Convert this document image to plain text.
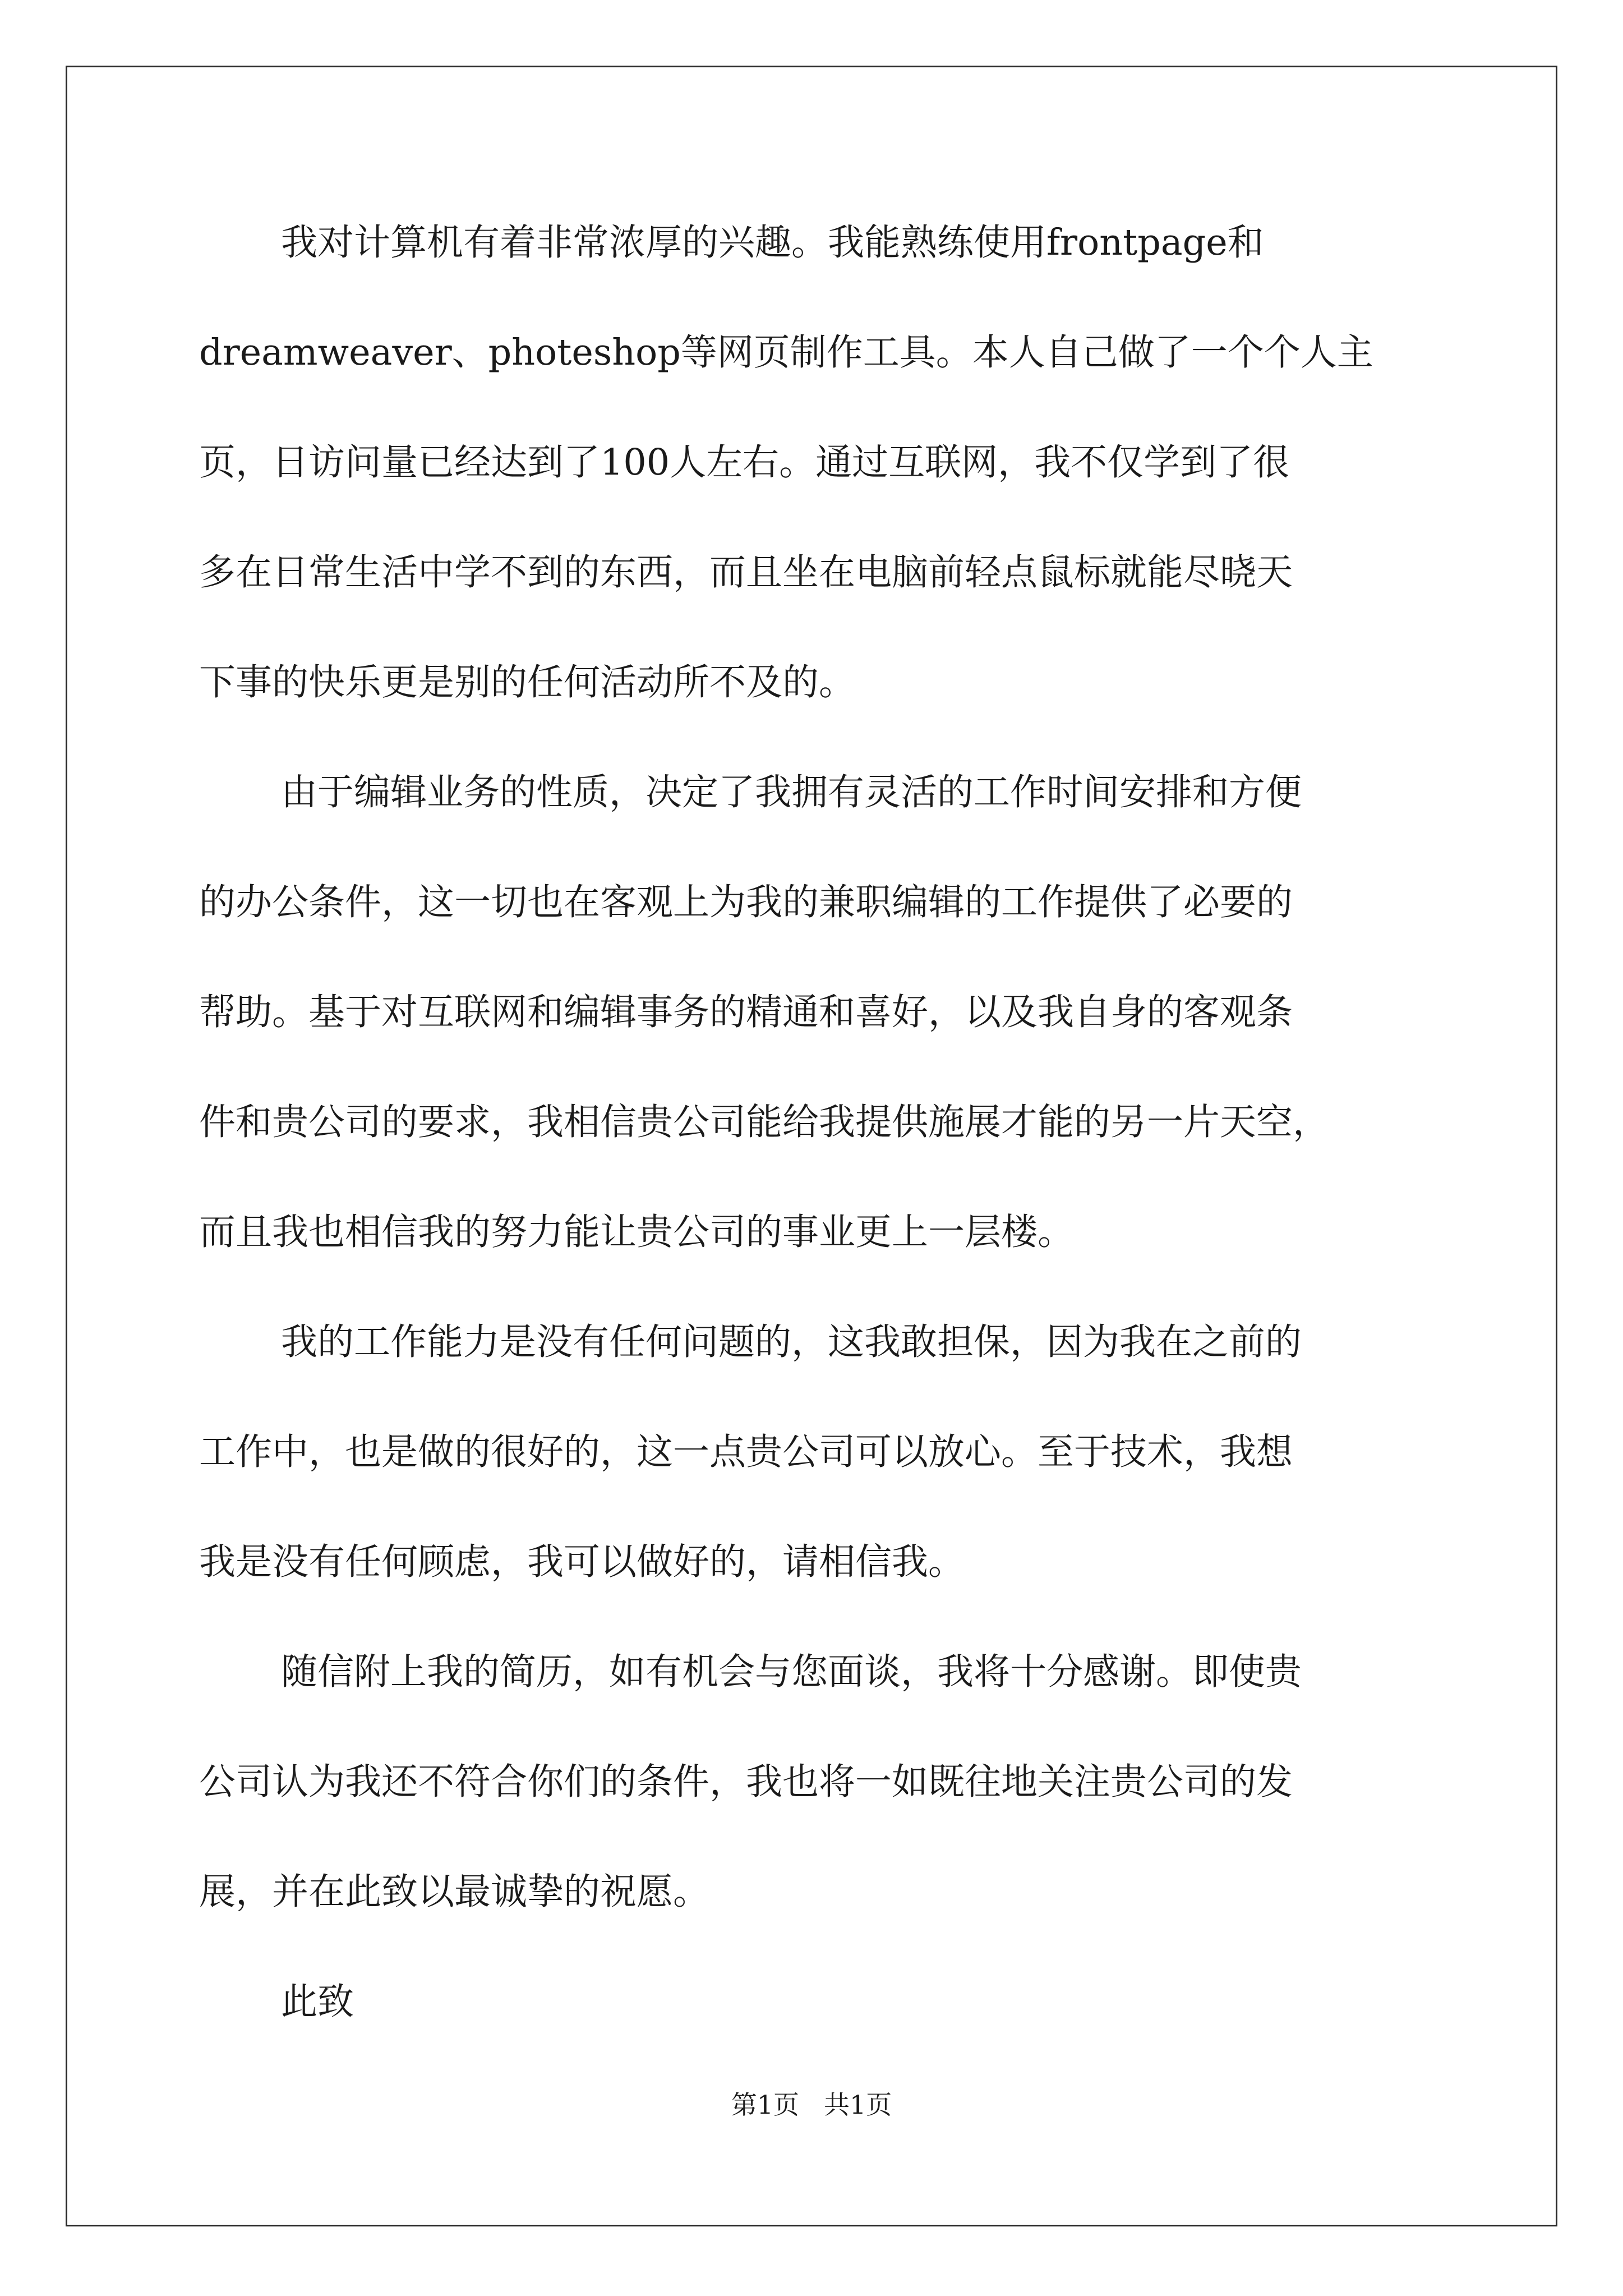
我对计算机有着非常浓厚的兴趣。我能熟练使用frontpage和
dreamweaver、photeshop等网页制作工具。本人自己做了一个个人主
页，日访问量已经达到了100人左右。通过互联网，我不仅学到了很
多在日常生活中学不到的东西，而且坐在电脑前轻点鼠标就能尽晓天
下事的快乐更是别的任何活动所不及的。
由于编辑业务的性质，决定了我拥有灵活的工作时间安排和方便
的办公条件，这一切也在客观上为我的兼职编辑的工作提供了必要的
帮助。基于对互联网和编辑事务的精通和喜好，以及我自身的客观条
件和贵公司的要求，我相信贵公司能给我提供施展才能的另一片天空，
而且我也相信我的努力能让贵公司的事业更上一层楼。
我的工作能力是没有任何问题的，这我敢担保，因为我在之前的
工作中，也是做的很好的，这一点贵公司可以放心。至于技术，我想
我是没有任何顾虑，我可以做好的，请相信我。
随信附上我的简历，如有机会与您面谈，我将十分感谢。即使贵
公司认为我还不符合你们的条件，我也将一如既往地关注贵公司的发
展，并在此致以最诚挚的祝愿。
此致
第1页 共1页
